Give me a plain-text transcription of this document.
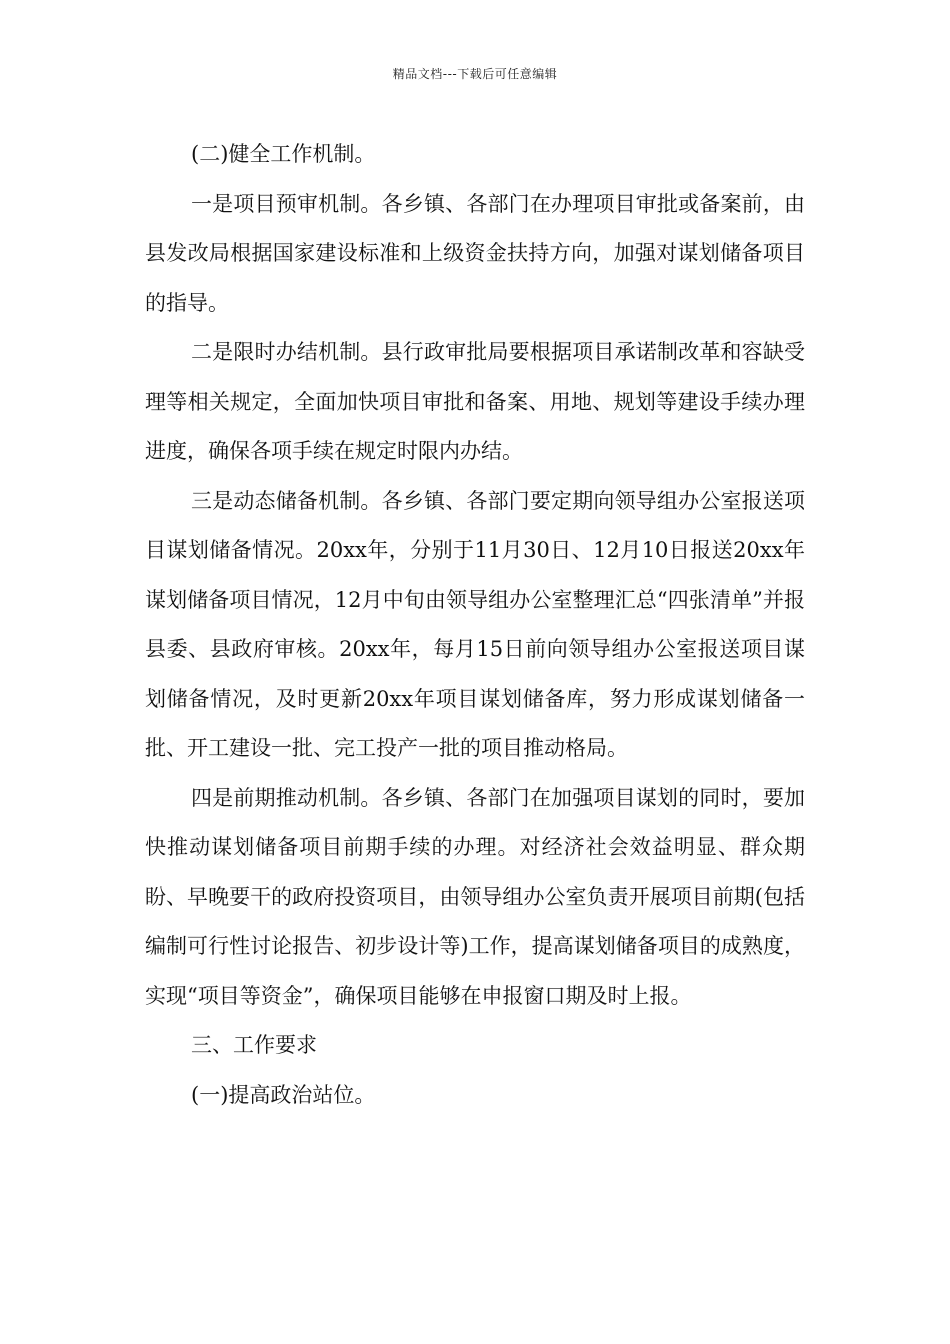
精品文档---下载后可任意编辑

(二)健全工作机制。

一是项目预审机制。各乡镇、各部门在办理项目审批或备案前，由县发改局根据国家建设标准和上级资金扶持方向，加强对谋划储备项目的指导。

二是限时办结机制。县行政审批局要根据项目承诺制改革和容缺受理等相关规定，全面加快项目审批和备案、用地、规划等建设手续办理进度，确保各项手续在规定时限内办结。

三是动态储备机制。各乡镇、各部门要定期向领导组办公室报送项目谋划储备情况。20xx年，分别于11月30日、12月10日报送20xx年谋划储备项目情况，12月中旬由领导组办公室整理汇总“四张清单”并报县委、县政府审核。20xx年，每月15日前向领导组办公室报送项目谋划储备情况，及时更新20xx年项目谋划储备库，努力形成谋划储备一批、开工建设一批、完工投产一批的项目推动格局。

四是前期推动机制。各乡镇、各部门在加强项目谋划的同时，要加快推动谋划储备项目前期手续的办理。对经济社会效益明显、群众期盼、早晚要干的政府投资项目，由领导组办公室负责开展项目前期(包括编制可行性讨论报告、初步设计等)工作，提高谋划储备项目的成熟度，实现“项目等资金”，确保项目能够在申报窗口期及时上报。

三、工作要求

(一)提高政治站位。
